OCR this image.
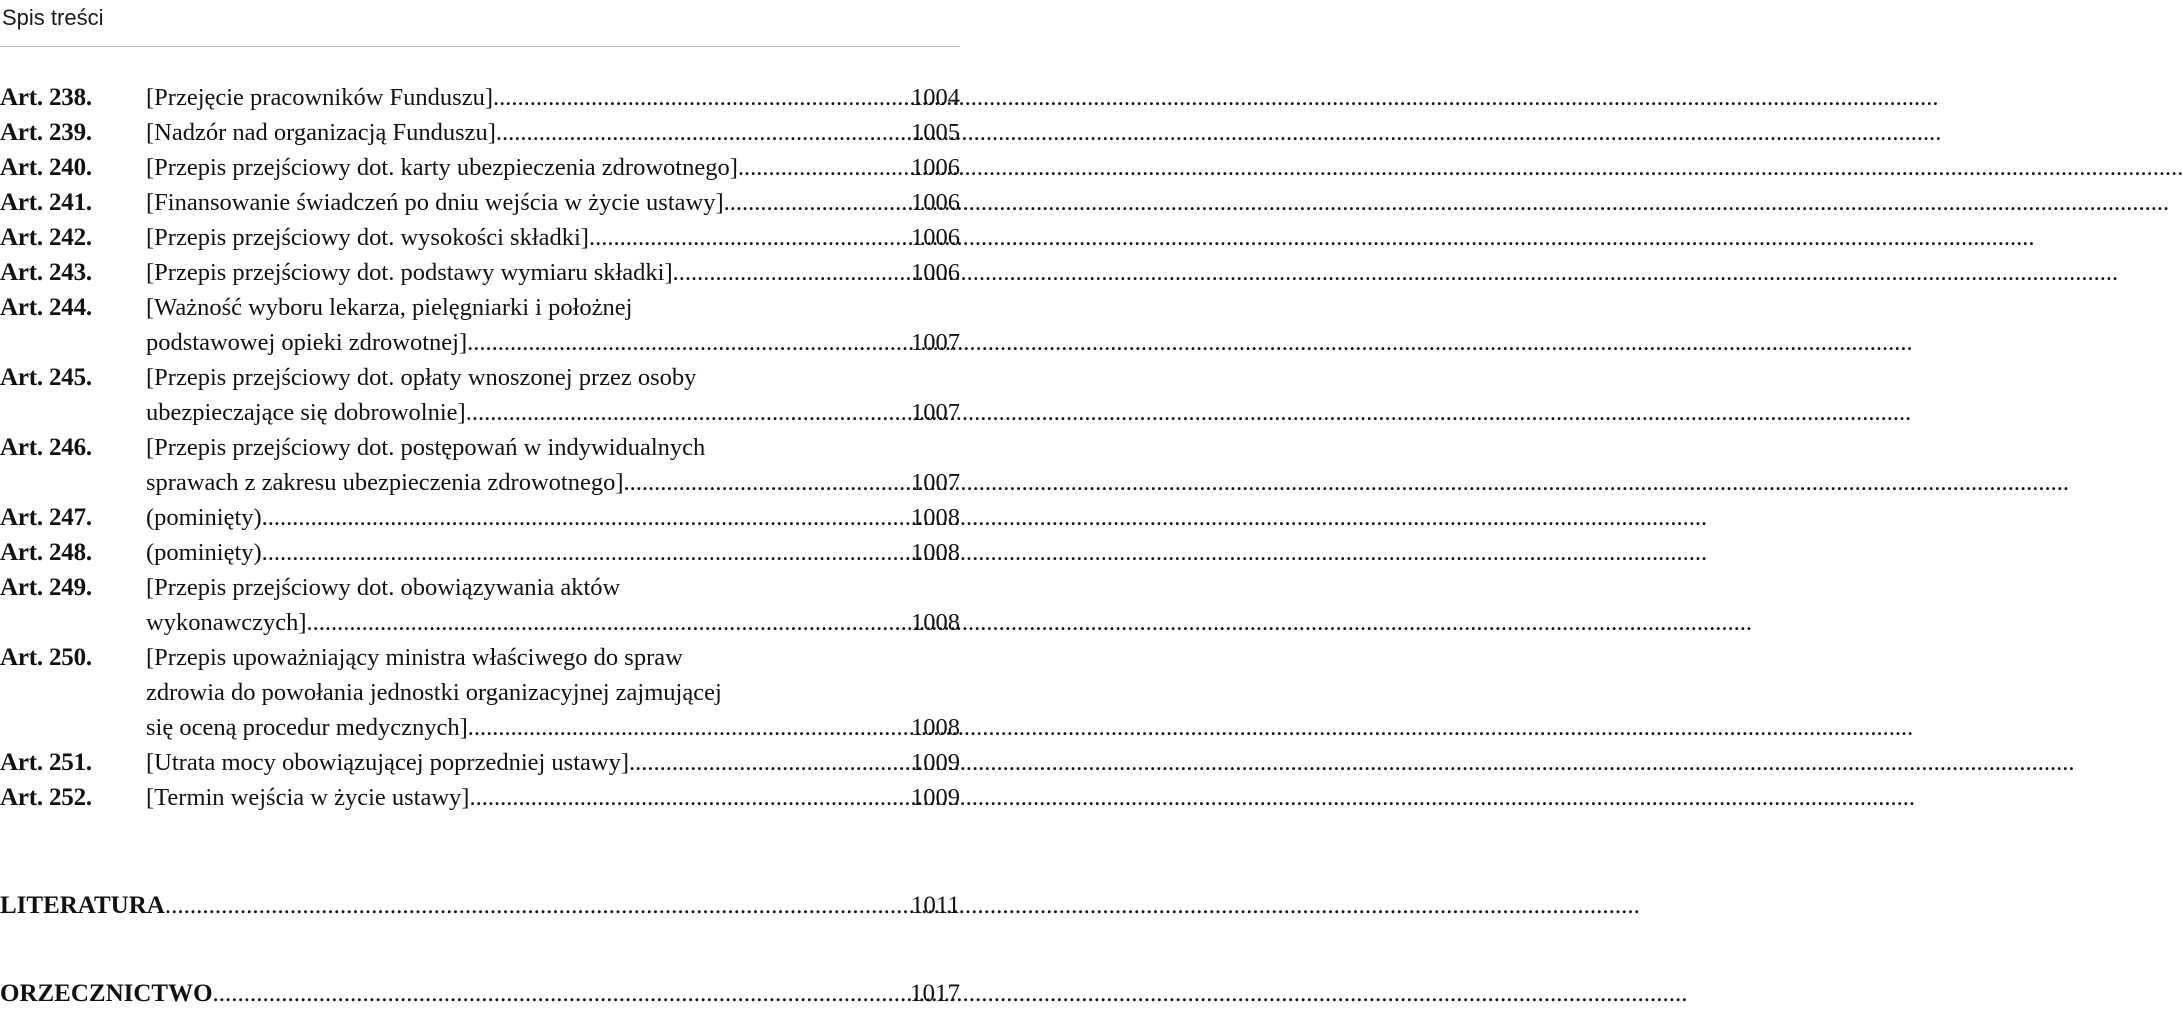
Spis treści
Art. 238. [Przejęcie pracowników Funduszu] .....	1004
Art. 239. [Nadzór nad organizacją Funduszu] .....	1005
Art. 240. [Przepis przejściowy dot. karty ubezpieczenia zdrowotnego] .....	1006
Art. 241. [Finansowanie świadczeń po dniu wejścia w życie ustawy] .....	1006
Art. 242. [Przepis przejściowy dot. wysokości składki] .....	1006
Art. 243. [Przepis przejściowy dot. podstawy wymiaru składki] .....	1006
Art. 244. [Ważność wyboru lekarza, pielęgniarki i położnej
podstawowej opieki zdrowotnej] .....	1007
Art. 245. [Przepis przejściowy dot. opłaty wnoszonej przez osoby
ubezpieczające się dobrowolnie] .....	1007
Art. 246. [Przepis przejściowy dot. postępowań w indywidualnych
sprawach z zakresu ubezpieczenia zdrowotnego] .....	1007
Art. 247. (pominięty) .....	1008
Art. 248. (pominięty) .....	1008
Art. 249. [Przepis przejściowy dot. obowiązywania aktów
wykonawczych] .....	1008
Art. 250. [Przepis upoważniający ministra właściwego do spraw
zdrowia do powołania jednostki organizacyjnej zajmującej
się oceną procedur medycznych] .....	1008
Art. 251. [Utrata mocy obowiązującej poprzedniej ustawy] .....	1009
Art. 252. [Termin wejścia w życie ustawy] .....	1009
LITERATURA .....	1011
ORZECZNICTWO .....	1017
